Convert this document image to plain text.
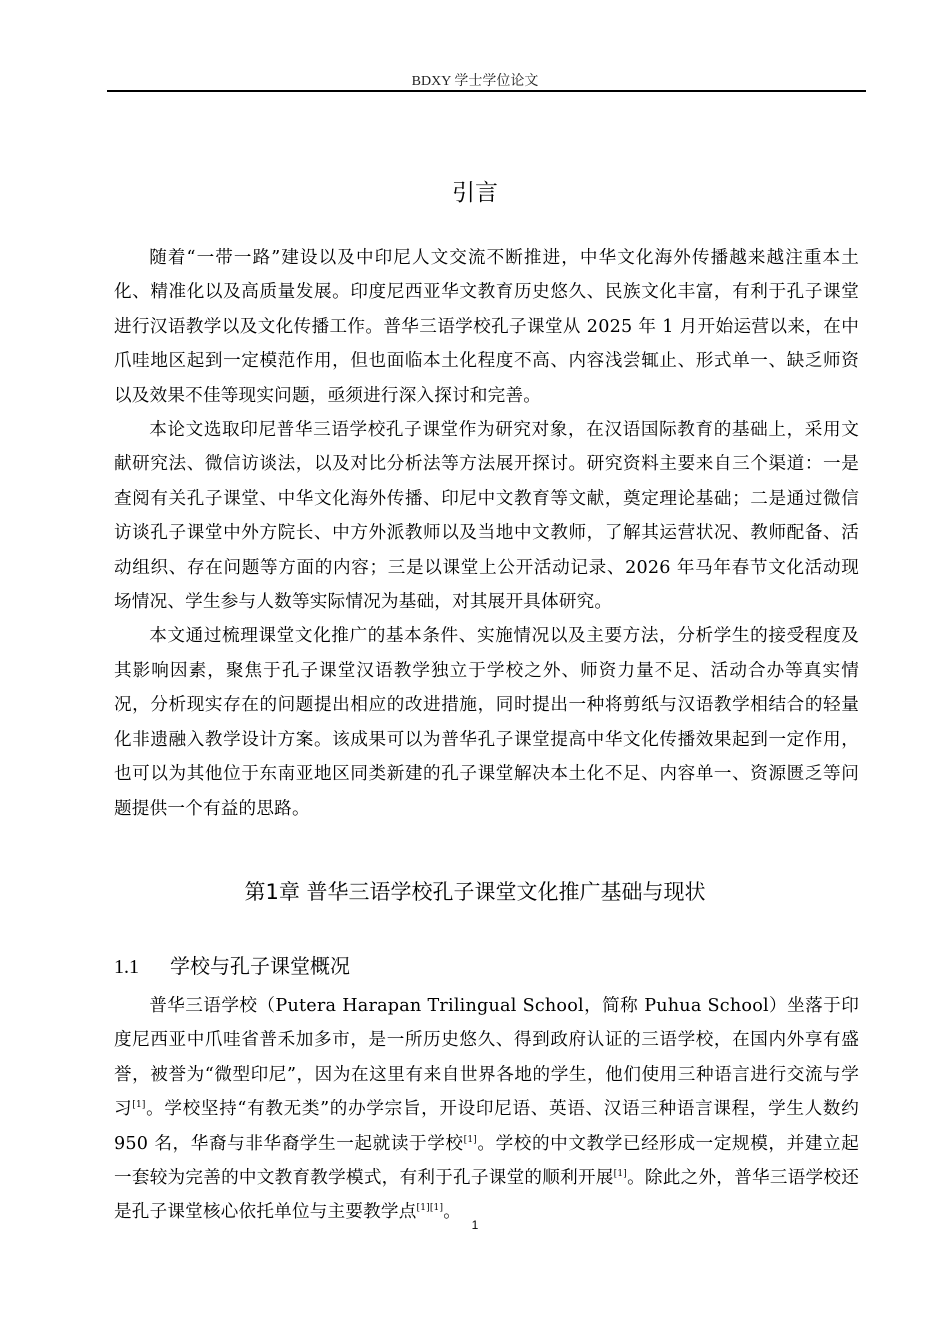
BDXY 学士学位论文
引言

随着“一带一路”建设以及中印尼人文交流不断推进，中华文化海外传播越来越注重本土化、精准化以及高质量发展。印度尼西亚华文教育历史悠久、民族文化丰富，有利于孔子课堂进行汉语教学以及文化传播工作。普华三语学校孔子课堂从 2025 年 1 月开始运营以来，在中爪哇地区起到一定模范作用，但也面临本土化程度不高、内容浅尝辄止、形式单一、缺乏师资以及效果不佳等现实问题，亟须进行深入探讨和完善。

本论文选取印尼普华三语学校孔子课堂作为研究对象，在汉语国际教育的基础上，采用文献研究法、微信访谈法，以及对比分析法等方法展开探讨。研究资料主要来自三个渠道：一是查阅有关孔子课堂、中华文化海外传播、印尼中文教育等文献，奠定理论基础；二是通过微信访谈孔子课堂中外方院长、中方外派教师以及当地中文教师，了解其运营状况、教师配备、活动组织、存在问题等方面的内容；三是以课堂上公开活动记录、2026 年马年春节文化活动现场情况、学生参与人数等实际情况为基础，对其展开具体研究。

本文通过梳理课堂文化推广的基本条件、实施情况以及主要方法，分析学生的接受程度及其影响因素，聚焦于孔子课堂汉语教学独立于学校之外、师资力量不足、活动合办等真实情况，分析现实存在的问题提出相应的改进措施，同时提出一种将剪纸与汉语教学相结合的轻量化非遗融入教学设计方案。该成果可以为普华孔子课堂提高中华文化传播效果起到一定作用，也可以为其他位于东南亚地区同类新建的孔子课堂解决本土化不足、内容单一、资源匮乏等问题提供一个有益的思路。

第1章 普华三语学校孔子课堂文化推广基础与现状
1.1 学校与孔子课堂概况

普华三语学校（Putera Harapan Trilingual School，简称 Puhua School）坐落于印度尼西亚中爪哇省普禾加多市，是一所历史悠久、得到政府认证的三语学校，在国内外享有盛誉，被誉为“微型印尼”，因为在这里有来自世界各地的学生，他们使用三种语言进行交流与学习[1]。学校坚持“有教无类”的办学宗旨，开设印尼语、英语、汉语三种语言课程，学生人数约 950 名，华裔与非华裔学生一起就读于学校[1]。学校的中文教学已经形成一定规模，并建立起一套较为完善的中文教育教学模式，有利于孔子课堂的顺利开展[1]。除此之外，普华三语学校还是孔子课堂核心依托单位与主要教学点[1][1]。

1
